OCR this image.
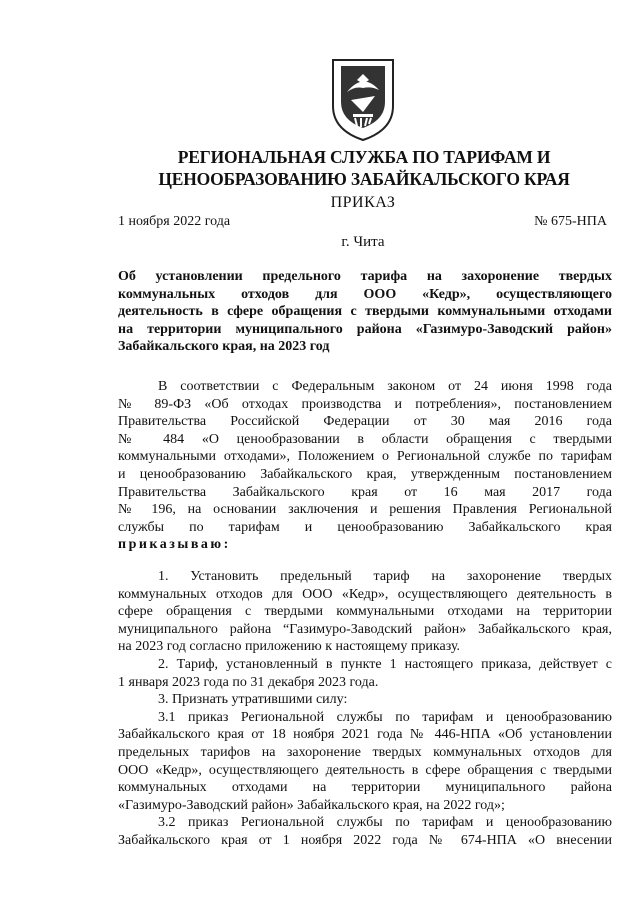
РЕГИОНАЛЬНАЯ СЛУЖБА ПО ТАРИФАМ И
ЦЕНООБРАЗОВАНИЮ ЗАБАЙКАЛЬСКОГО КРАЯ
ПРИКАЗ
1 ноября 2022 года	№ 675-НПА
г. Чита
Об установлении предельного тарифа на захоронение твердых
коммунальных отходов для ООО «Кедр», осуществляющего
деятельность в сфере обращения с твердыми коммунальными отходами
на территории муниципального района «Газимуро-Заводский район»
Забайкальского края, на 2023 год
В соответствии с Федеральным законом от 24 июня 1998 года
№ 89-ФЗ «Об отходах производства и потребления», постановлением
Правительства Российской Федерации от 30 мая 2016 года
№ 484 «О ценообразовании в области обращения с твердыми
коммунальными отходами», Положением о Региональной службе по тарифам
и ценообразованию Забайкальского края, утвержденным постановлением
Правительства Забайкальского края от 16 мая 2017 года
№ 196, на основании заключения и решения Правления Региональной
службы по тарифам и ценообразованию Забайкальского края
приказываю:
1. Установить предельный тариф на захоронение твердых
коммунальных отходов для ООО «Кедр», осуществляющего деятельность в
сфере обращения с твердыми коммунальными отходами на территории
муниципального района “Газимуро-Заводский район» Забайкальского края,
на 2023 год согласно приложению к настоящему приказу.
2. Тариф, установленный в пункте 1 настоящего приказа, действует с
1 января 2023 года по 31 декабря 2023 года.
3. Признать утратившими силу:
3.1 приказ Региональной службы по тарифам и ценообразованию
Забайкальского края от 18 ноября 2021 года № 446-НПА «Об установлении
предельных тарифов на захоронение твердых коммунальных отходов для
ООО «Кедр», осуществляющего деятельность в сфере обращения с твердыми
коммунальных отходами на территории муниципального района
«Газимуро-Заводский район» Забайкальского края, на 2022 год»;
3.2 приказ Региональной службы по тарифам и ценообразованию
Забайкальского края от 1 ноября 2022 года № 674-НПА «О внесении
